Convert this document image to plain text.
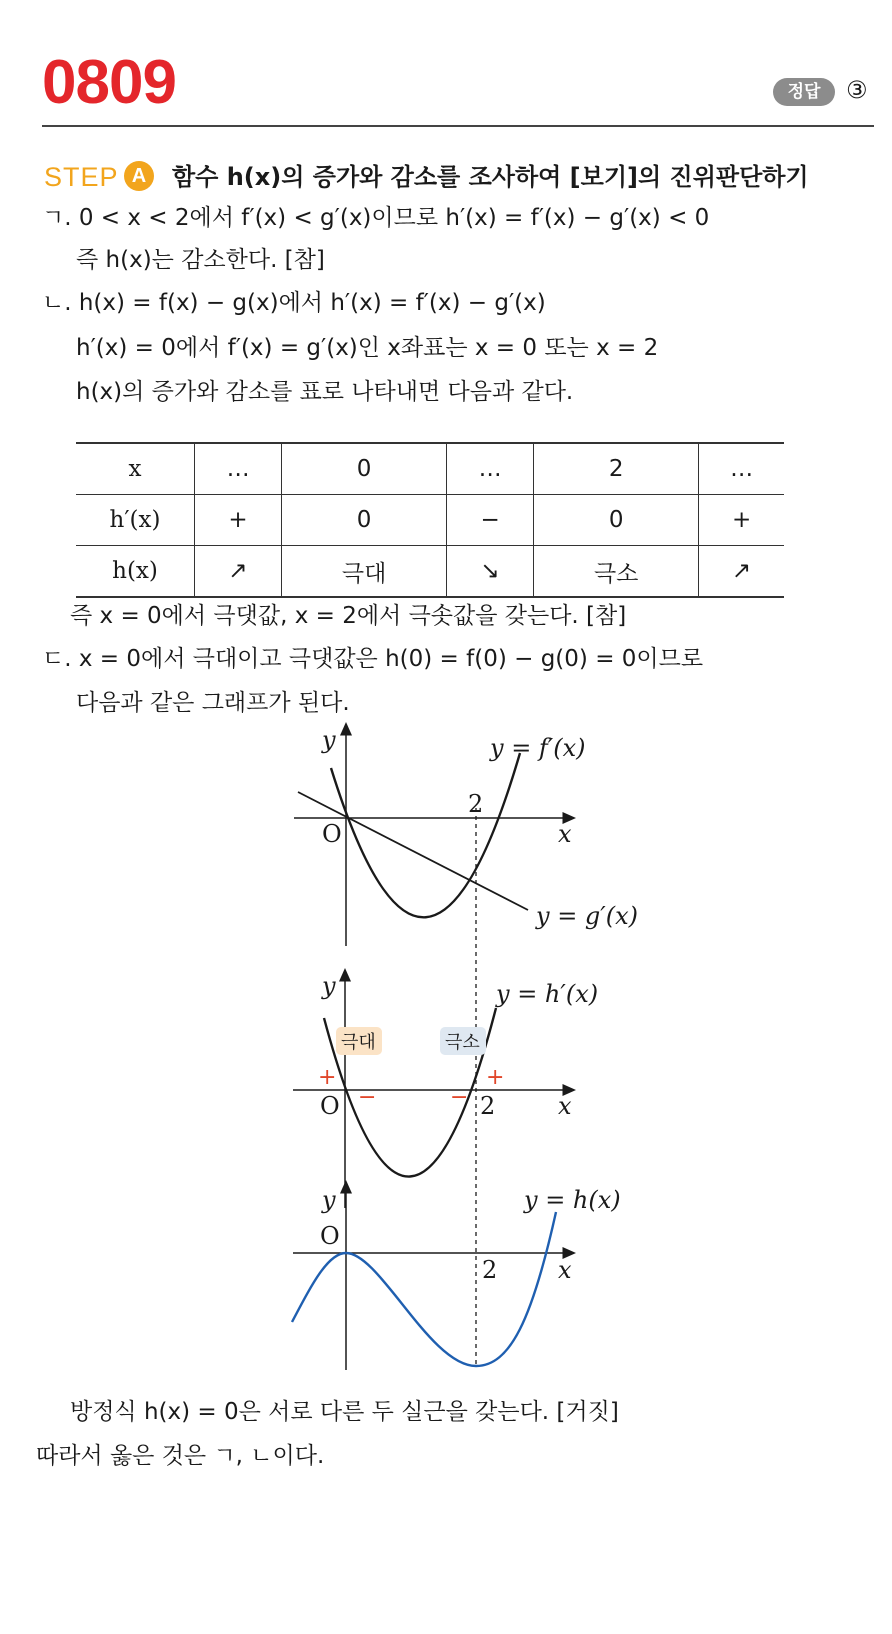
0809	정답	③
STEP A	함수 h(x)의 증가와 감소를 조사하여 [보기]의 진위판단하기
ㄱ. 0 < x < 2에서 f′(x) < g′(x)이므로 h′(x) = f′(x) − g′(x) < 0
즉 h(x)는 감소한다. [참]
ㄴ. h(x) = f(x) − g(x)에서 h′(x) = f′(x) − g′(x)
h′(x) = 0에서 f′(x) = g′(x)인 x좌표는 x = 0 또는 x = 2
h(x)의 증가와 감소를 표로 나타내면 다음과 같다.
x	…	0	…	2	…
h′(x)	+	0	−	0	+
h(x)	↗	극대	↘	극소	↗
즉 x = 0에서 극댓값, x = 2에서 극솟값을 갖는다. [참]
ㄷ. x = 0에서 극대이고 극댓값은 h(0) = f(0) − g(0) = 0이므로
다음과 같은 그래프가 된다.
y
x
O
2
y = f′(x)
y = g′(x)
극대	극소
+
−	−
+
y
x
O	2
y = h′(x)
y
x
O
2
y = h(x)
방정식 h(x) = 0은 서로 다른 두 실근을 갖는다. [거짓]
따라서 옳은 것은 ㄱ, ㄴ이다.
